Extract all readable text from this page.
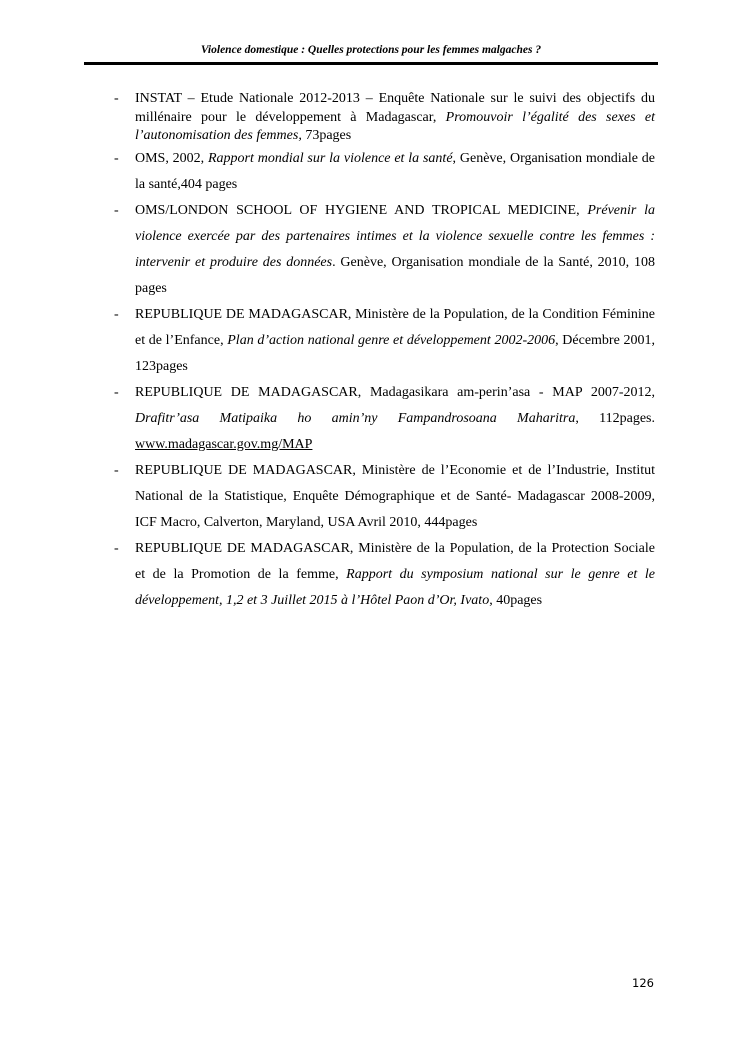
Violence domestique : Quelles protections pour les femmes malgaches ?
- INSTAT – Etude Nationale 2012-2013 – Enquête Nationale sur le suivi des objectifs du millénaire pour le développement à Madagascar, Promouvoir l’égalité des sexes et l’autonomisation des femmes, 73pages
- OMS, 2002, Rapport mondial sur la violence et la santé, Genève, Organisation mondiale de la santé,404 pages
- OMS/LONDON SCHOOL OF HYGIENE AND TROPICAL MEDICINE, Prévenir la violence exercée par des partenaires intimes et la violence sexuelle contre les femmes : intervenir et produire des données. Genève, Organisation mondiale de la Santé, 2010, 108 pages
- REPUBLIQUE DE MADAGASCAR, Ministère de la Population, de la Condition Féminine et de l’Enfance, Plan d’action national genre et développement 2002-2006, Décembre 2001, 123pages
- REPUBLIQUE DE MADAGASCAR, Madagasikara am-perin’asa - MAP 2007-2012, Drafitr’asa Matipaika ho amin’ny Fampandrosoana Maharitra, 112pages. www.madagascar.gov.mg/MAP
- REPUBLIQUE DE MADAGASCAR, Ministère de l’Economie et de l’Industrie, Institut National de la Statistique, Enquête Démographique et de Santé- Madagascar 2008-2009, ICF Macro, Calverton, Maryland, USA Avril 2010, 444pages
- REPUBLIQUE DE MADAGASCAR, Ministère de la Population, de la Protection Sociale et de la Promotion de la femme, Rapport du symposium national sur le genre et le développement, 1,2 et 3 Juillet 2015 à l’Hôtel Paon d’Or, Ivato, 40pages
126
